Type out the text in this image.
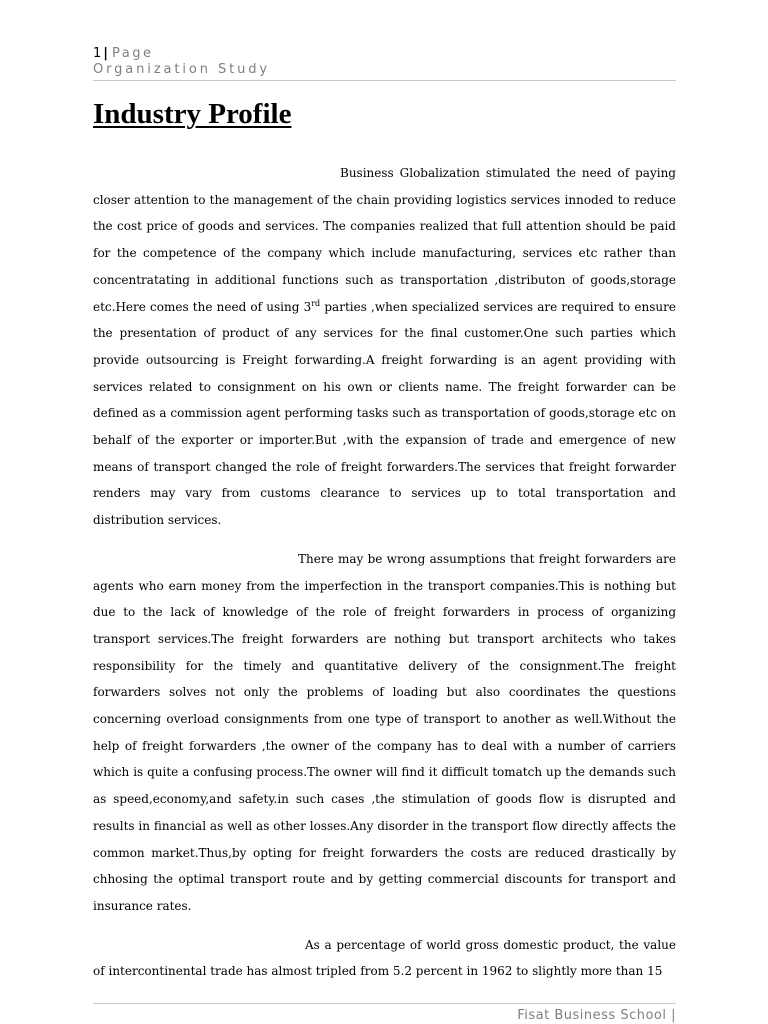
1 | Page
Organization Study
Industry Profile

Business Globalization stimulated the need of paying closer attention to the management of the chain providing logistics services innoded to reduce the cost price of goods and services. The companies realized that full attention should be paid for the competence of the company which include manufacturing, services etc rather than concentratating in additional functions such as transportation ,distributon of goods,storage etc.Here comes the need of using 3rd parties ,when specialized services are required to ensure the presentation of product of any services for the final customer.One such parties which provide outsourcing is Freight forwarding.A freight forwarding is an agent providing with services related to consignment on his own or clients name. The freight forwarder can be defined as a commission agent performing tasks such as transportation of goods,storage etc on behalf of the exporter or importer.But ,with the expansion of trade and emergence of new means of transport changed the role of freight forwarders.The services that freight forwarder renders may vary from customs clearance to services up to total transportation and distribution services.

There may be wrong assumptions that freight forwarders are agents who earn money from the imperfection in the transport companies.This is nothing but due to the lack of knowledge of the role of freight forwarders in process of organizing transport services.The freight forwarders are nothing but transport architects who takes responsibility for the timely and quantitative delivery of the consignment.The freight forwarders solves not only the problems of loading but also coordinates the questions concerning overload consignments from one type of transport to another as well.Without the help of freight forwarders ,the owner of the company has to deal with a number of carriers which is quite a confusing process.The owner will find it difficult tomatch up the demands such as speed,economy,and safety.in such cases ,the stimulation of goods flow is disrupted and results in financial as well as other losses.Any disorder in the transport flow directly affects the common market.Thus,by opting for freight forwarders the costs are reduced drastically by chhosing the optimal transport route and by getting commercial discounts for transport and insurance rates.

As a percentage of world gross domestic product, the value of intercontinental trade has almost tripled from 5.2 percent in 1962 to slightly more than 15

Fisat Business School |
